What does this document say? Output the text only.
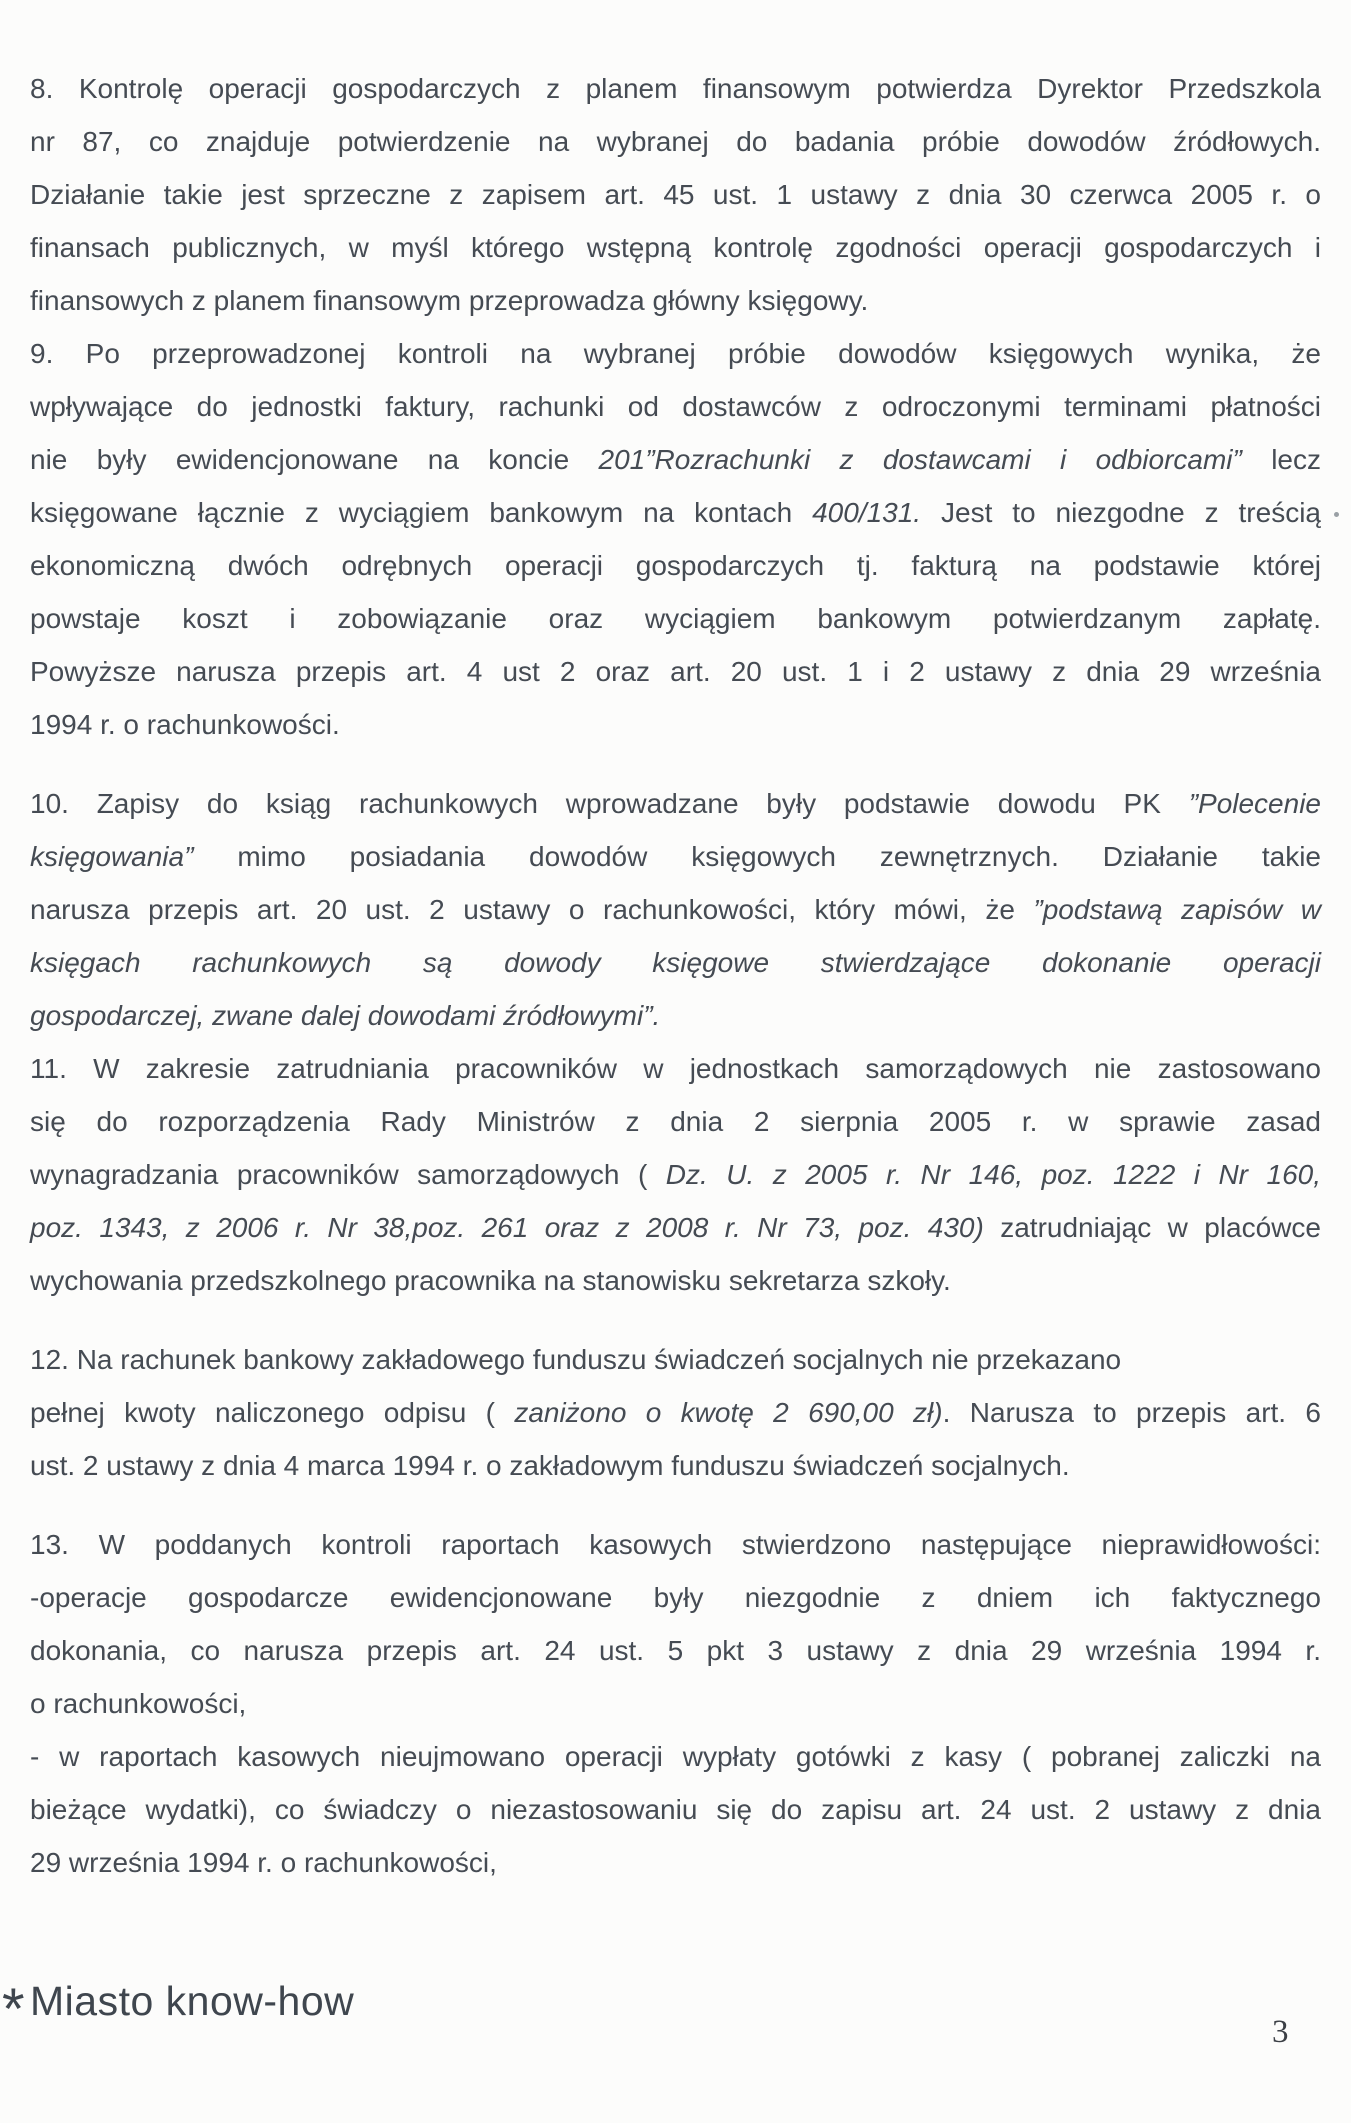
8. Kontrolę operacji gospodarczych z planem finansowym potwierdza Dyrektor Przedszkola
nr 87, co znajduje potwierdzenie na wybranej do badania próbie dowodów źródłowych.
Działanie takie jest sprzeczne z zapisem art. 45 ust. 1 ustawy z dnia 30 czerwca 2005 r. o
finansach publicznych, w myśl którego wstępną kontrolę zgodności operacji gospodarczych i
finansowych z planem finansowym przeprowadza główny księgowy.
9. Po przeprowadzonej kontroli na wybranej próbie dowodów księgowych wynika, że
wpływające do jednostki faktury, rachunki od dostawców z odroczonymi terminami płatności
nie były ewidencjonowane na koncie 201”Rozrachunki z dostawcami i odbiorcami” lecz
księgowane łącznie z wyciągiem bankowym na kontach 400/131. Jest to niezgodne z treścią
ekonomiczną dwóch odrębnych operacji gospodarczych tj. fakturą na podstawie której
powstaje koszt i zobowiązanie oraz wyciągiem bankowym potwierdzanym zapłatę.
Powyższe narusza przepis art. 4 ust 2 oraz art. 20 ust. 1 i 2 ustawy z dnia 29 września
1994 r. o rachunkowości.
10. Zapisy do ksiąg rachunkowych wprowadzane były podstawie dowodu PK ”Polecenie
księgowania” mimo posiadania dowodów księgowych zewnętrznych. Działanie takie
narusza przepis art. 20 ust. 2 ustawy o rachunkowości, który mówi, że ”podstawą zapisów w
księgach rachunkowych są dowody księgowe stwierdzające dokonanie operacji
gospodarczej, zwane dalej dowodami źródłowymi”.
11. W zakresie zatrudniania pracowników w jednostkach samorządowych nie zastosowano
się do rozporządzenia Rady Ministrów z dnia 2 sierpnia 2005 r. w sprawie zasad
wynagradzania pracowników samorządowych ( Dz. U. z 2005 r. Nr 146, poz. 1222 i Nr 160,
poz. 1343, z 2006 r. Nr 38,poz. 261 oraz z 2008 r. Nr 73, poz. 430) zatrudniając w placówce
wychowania przedszkolnego pracownika na stanowisku sekretarza szkoły.
12. Na rachunek bankowy zakładowego funduszu świadczeń socjalnych nie przekazano
pełnej kwoty naliczonego odpisu ( zaniżono o kwotę 2 690,00 zł). Narusza to przepis art. 6
ust. 2 ustawy z dnia 4 marca 1994 r. o zakładowym funduszu świadczeń socjalnych.
13. W poddanych kontroli raportach kasowych stwierdzono następujące nieprawidłowości:
-operacje gospodarcze ewidencjonowane były niezgodnie z dniem ich faktycznego
dokonania, co narusza przepis art. 24 ust. 5 pkt 3 ustawy z dnia 29 września 1994 r.
o rachunkowości,
- w raportach kasowych nieujmowano operacji wypłaty gotówki z kasy ( pobranej zaliczki na
bieżące wydatki), co świadczy o niezastosowaniu się do zapisu art. 24 ust. 2 ustawy z dnia
29 września 1994 r. o rachunkowości,
* Miasto know-how
3
